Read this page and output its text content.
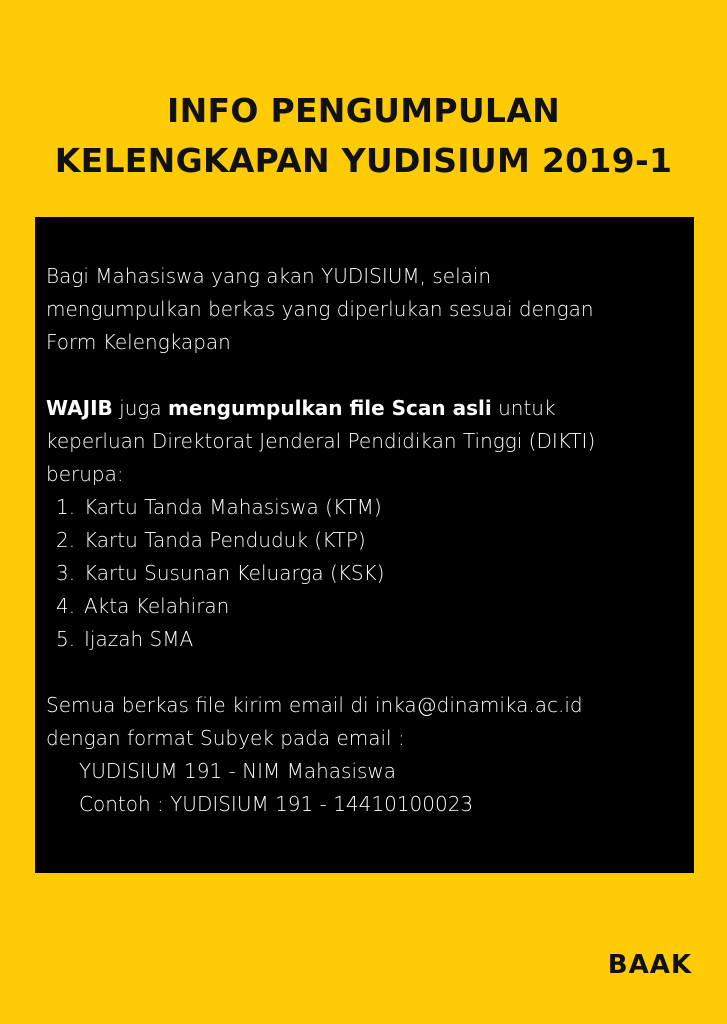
INFO PENGUMPULAN
KELENGKAPAN YUDISIUM 2019-1

Bagi Mahasiswa yang akan YUDISIUM, selain

mengumpulkan berkas yang diperlukan sesuai dengan

Form Kelengkapan

WAJIB juga mengumpulkan file Scan asli untuk

keperluan Direktorat Jenderal Pendidikan Tinggi (DIKTI)

berupa:

1. Kartu Tanda Mahasiswa (KTM)
2. Kartu Tanda Penduduk (KTP)
3. Kartu Susunan Keluarga (KSK)
4. Akta Kelahiran
5. Ijazah SMA

Semua berkas file kirim email di inka@dinamika.ac.id

dengan format Subyek pada email :

YUDISIUM 191 - NIM Mahasiswa

Contoh : YUDISIUM 191 - 14410100023

BAAK
